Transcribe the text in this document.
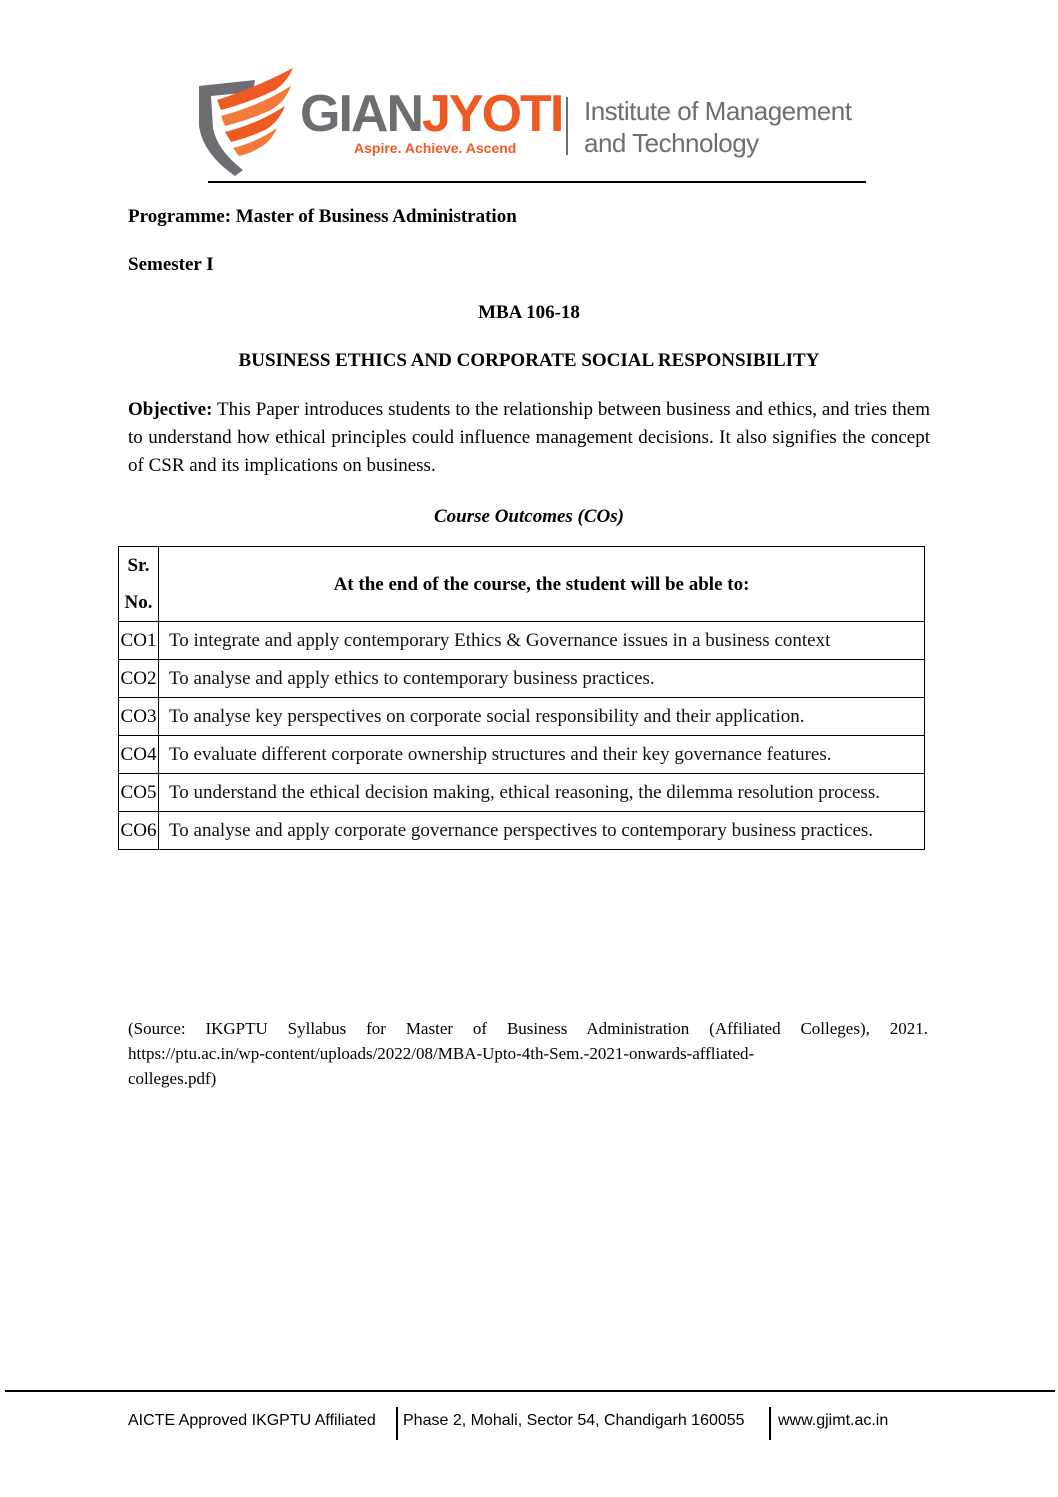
GIANJYOTI
Aspire. Achieve. Ascend
Institute of Management
and Technology
Programme: Master of Business Administration
Semester I
MBA 106-18
BUSINESS ETHICS AND CORPORATE SOCIAL RESPONSIBILITY
Objective: This Paper introduces students to the relationship between business and ethics, and tries them to understand how ethical principles could influence management decisions. It also signifies the concept of CSR and its implications on business.
Course Outcomes (COs)
Sr.
No.	At the end of the course, the student will be able to:
CO1	To integrate and apply contemporary Ethics & Governance issues in a business context
CO2	To analyse and apply ethics to contemporary business practices.
CO3	To analyse key perspectives on corporate social responsibility and their application.
CO4	To evaluate different corporate ownership structures and their key governance features.
CO5	To understand the ethical decision making, ethical reasoning, the dilemma resolution process.
CO6	To analyse and apply corporate governance perspectives to contemporary business practices.
(Source: IKGPTU Syllabus for Master of Business Administration (Affiliated Colleges), 2021.
https://ptu.ac.in/wp-content/uploads/2022/08/MBA-Upto-4th-Sem.-2021-onwards-affliated-
colleges.pdf)
AICTE Approved IKGPTU Affiliated Phase 2, Mohali, Sector 54, Chandigarh 160055 www.gjimt.ac.in
